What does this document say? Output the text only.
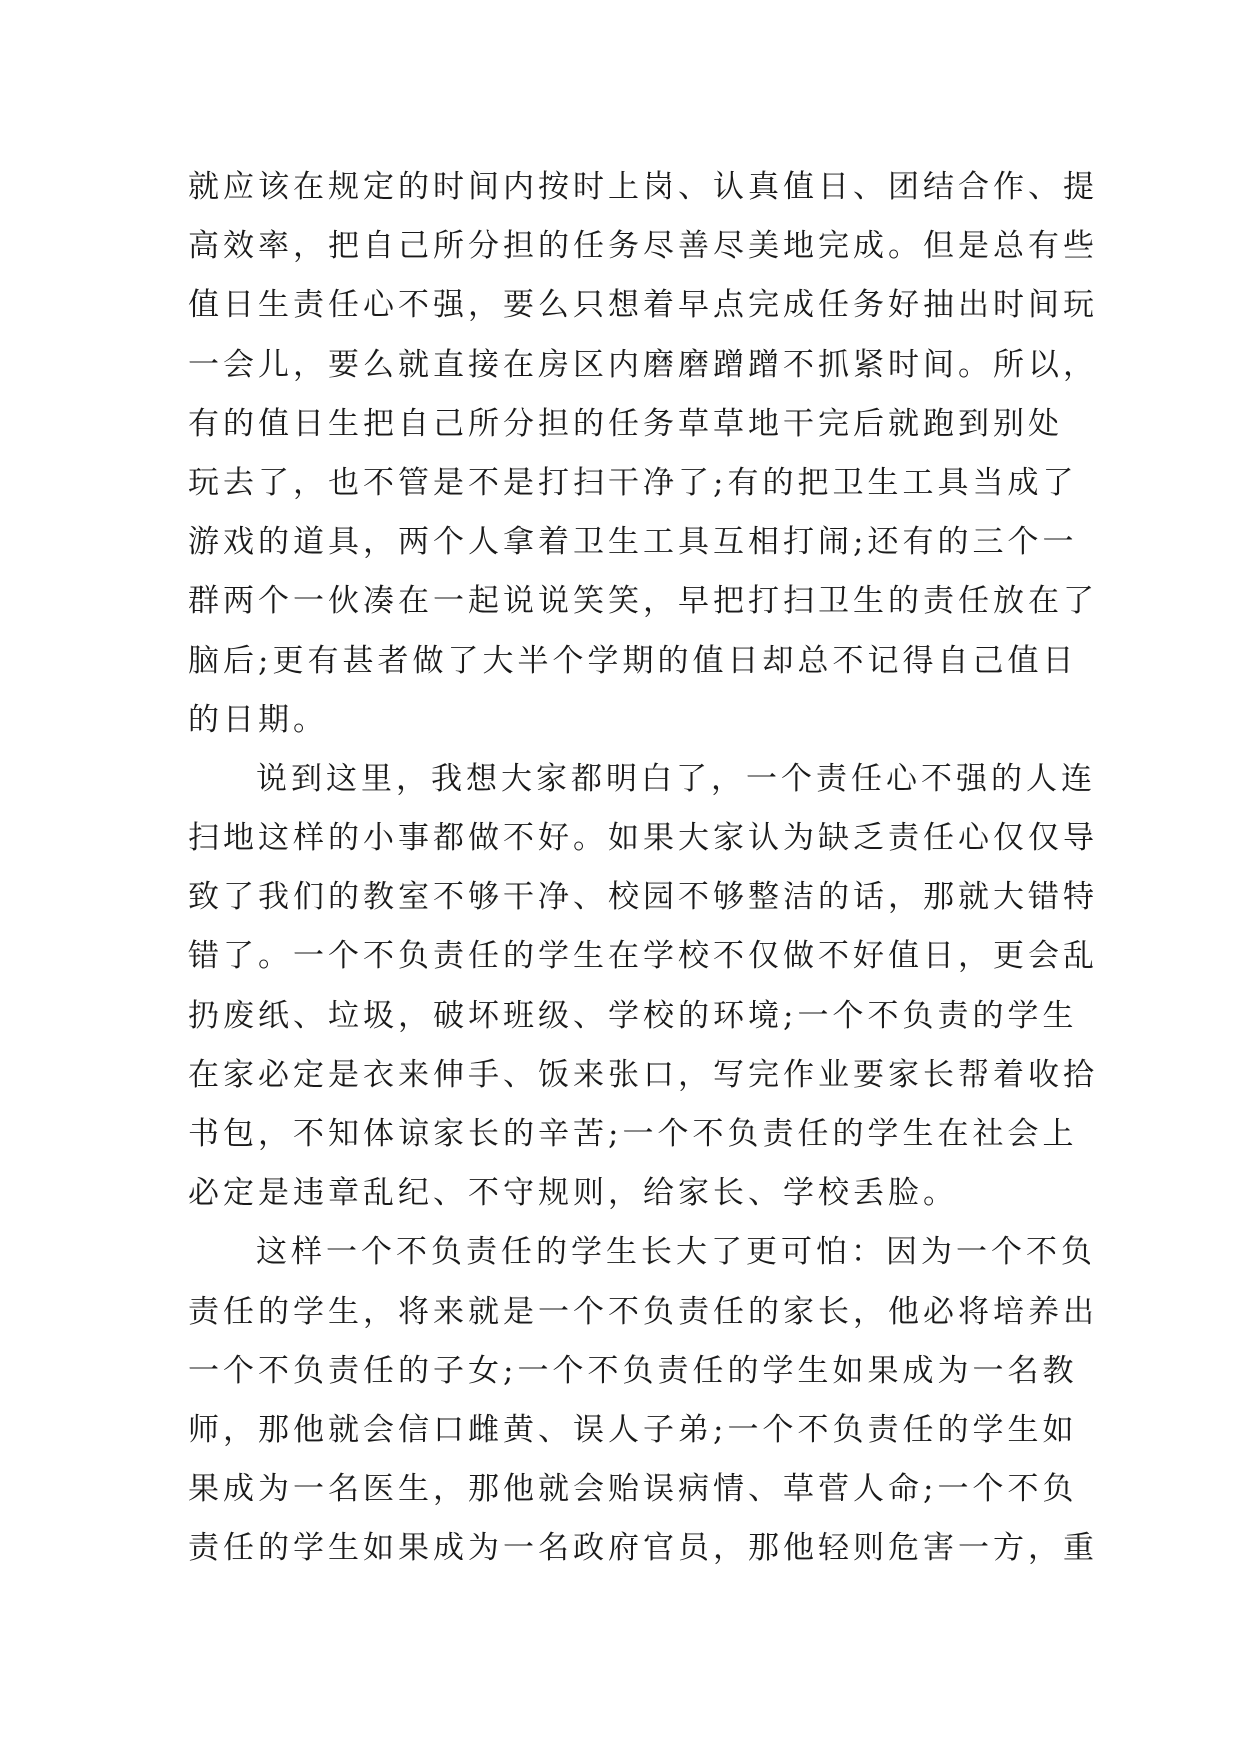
就应该在规定的时间内按时上岗、认真值日、团结合作、提
高效率，把自己所分担的任务尽善尽美地完成。但是总有些
值日生责任心不强，要么只想着早点完成任务好抽出时间玩
一会儿，要么就直接在房区内磨磨蹭蹭不抓紧时间。所以，
有的值日生把自己所分担的任务草草地干完后就跑到别处
玩去了，也不管是不是打扫干净了;有的把卫生工具当成了
游戏的道具，两个人拿着卫生工具互相打闹;还有的三个一
群两个一伙凑在一起说说笑笑，早把打扫卫生的责任放在了
脑后;更有甚者做了大半个学期的值日却总不记得自己值日
的日期。
说到这里，我想大家都明白了，一个责任心不强的人连
扫地这样的小事都做不好。如果大家认为缺乏责任心仅仅导
致了我们的教室不够干净、校园不够整洁的话，那就大错特
错了。一个不负责任的学生在学校不仅做不好值日，更会乱
扔废纸、垃圾，破坏班级、学校的环境;一个不负责的学生
在家必定是衣来伸手、饭来张口，写完作业要家长帮着收拾
书包，不知体谅家长的辛苦;一个不负责任的学生在社会上
必定是违章乱纪、不守规则，给家长、学校丢脸。
这样一个不负责任的学生长大了更可怕：因为一个不负
责任的学生，将来就是一个不负责任的家长，他必将培养出
一个不负责任的子女;一个不负责任的学生如果成为一名教
师，那他就会信口雌黄、误人子弟;一个不负责任的学生如
果成为一名医生，那他就会贻误病情、草菅人命;一个不负
责任的学生如果成为一名政府官员，那他轻则危害一方，重
